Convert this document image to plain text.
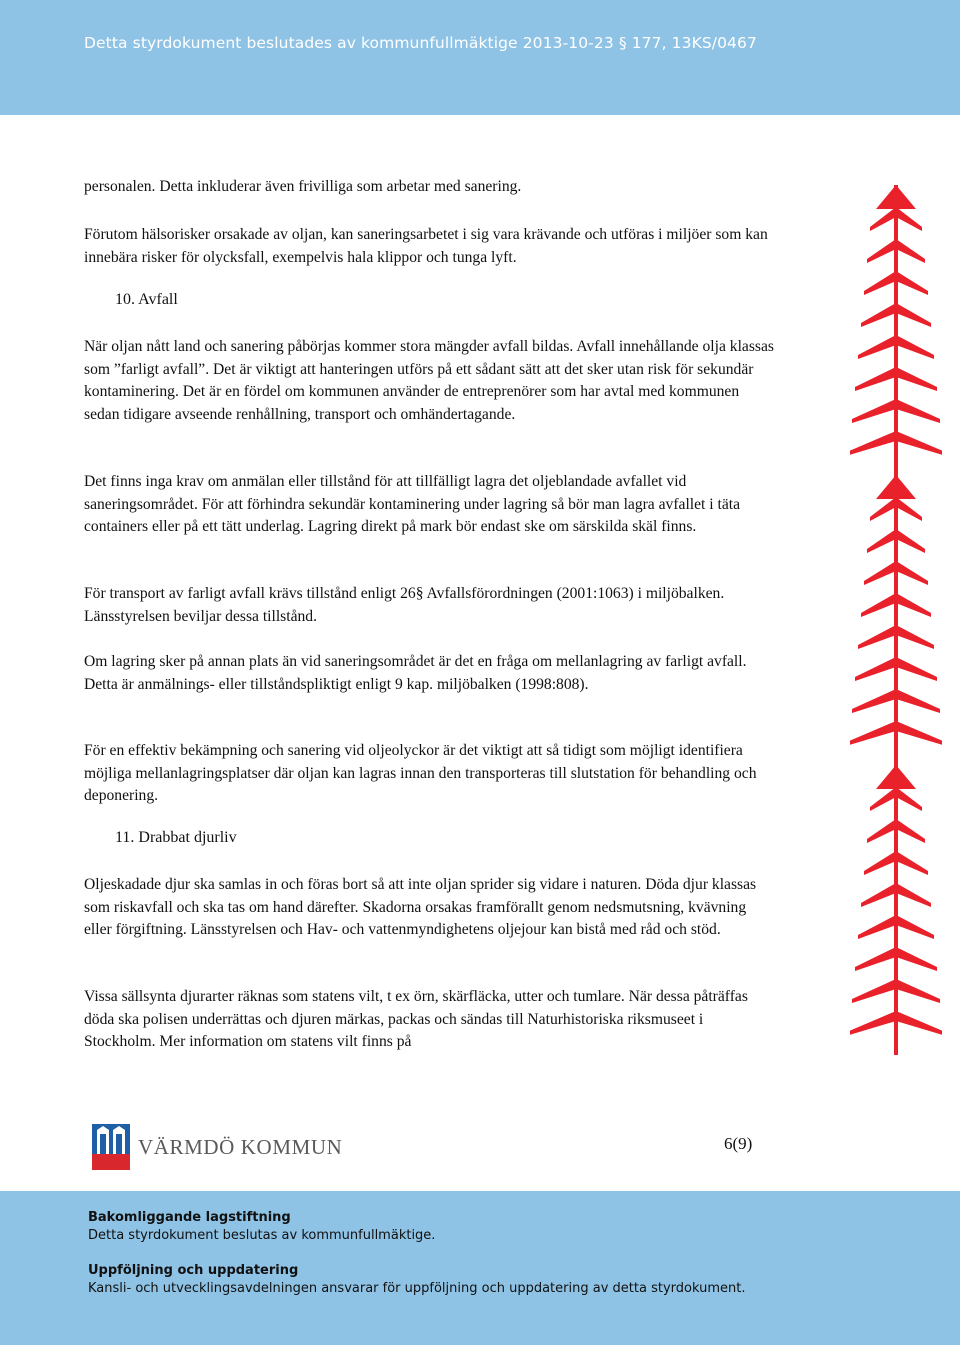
Detta styrdokument beslutades av kommunfullmäktige 2013-10-23 § 177, 13KS/0467

personalen. Detta inkluderar även frivilliga som arbetar med sanering.

Förutom hälsorisker orsakade av oljan, kan saneringsarbetet i sig vara krävande och utföras i miljöer som kan innebära risker för olycksfall, exempelvis hala klippor och tunga lyft.

10. Avfall

När oljan nått land och sanering påbörjas kommer stora mängder avfall bildas. Avfall innehållande olja klassas som ”farligt avfall”. Det är viktigt att hanteringen utförs på ett sådant sätt att det sker utan risk för sekundär kontaminering. Det är en fördel om kommunen använder de entreprenörer som har avtal med kommunen sedan tidigare avseende renhållning, transport och omhändertagande.

Det finns inga krav om anmälan eller tillstånd för att tillfälligt lagra det oljeblandade avfallet vid saneringsområdet. För att förhindra sekundär kontaminering under lagring så bör man lagra avfallet i täta containers eller på ett tätt underlag. Lagring direkt på mark bör endast ske om särskilda skäl finns.

För transport av farligt avfall krävs tillstånd enligt 26§ Avfallsförordningen (2001:1063) i miljöbalken. Länsstyrelsen beviljar dessa tillstånd.

Om lagring sker på annan plats än vid saneringsområdet är det en fråga om mellanlagring av farligt avfall. Detta är anmälnings- eller tillståndspliktigt enligt 9 kap. miljöbalken (1998:808).

För en effektiv bekämpning och sanering vid oljeolyckor är det viktigt att så tidigt som möjligt identifiera möjliga mellanlagringsplatser där oljan kan lagras innan den transporteras till slutstation för behandling och deponering.

11. Drabbat djurliv

Oljeskadade djur ska samlas in och föras bort så att inte oljan sprider sig vidare i naturen. Döda djur klassas som riskavfall och ska tas om hand därefter. Skadorna orsakas framförallt genom nedsmutsning, kvävning eller förgiftning. Länsstyrelsen och Hav- och vattenmyndighetens oljejour kan bistå med råd och stöd.

Vissa sällsynta djurarter räknas som statens vilt, t ex örn, skärfläcka, utter och tumlare. När dessa påträffas döda ska polisen underrättas och djuren märkas, packas och sändas till Naturhistoriska riksmuseet i Stockholm. Mer information om statens vilt finns på

VÄRMDÖ KOMMUN	6(9)
Bakomliggande lagstiftning
Detta styrdokument beslutas av kommunfullmäktige.
Uppföljning och uppdatering
Kansli- och utvecklingsavdelningen ansvarar för uppföljning och uppdatering av detta styrdokument.
